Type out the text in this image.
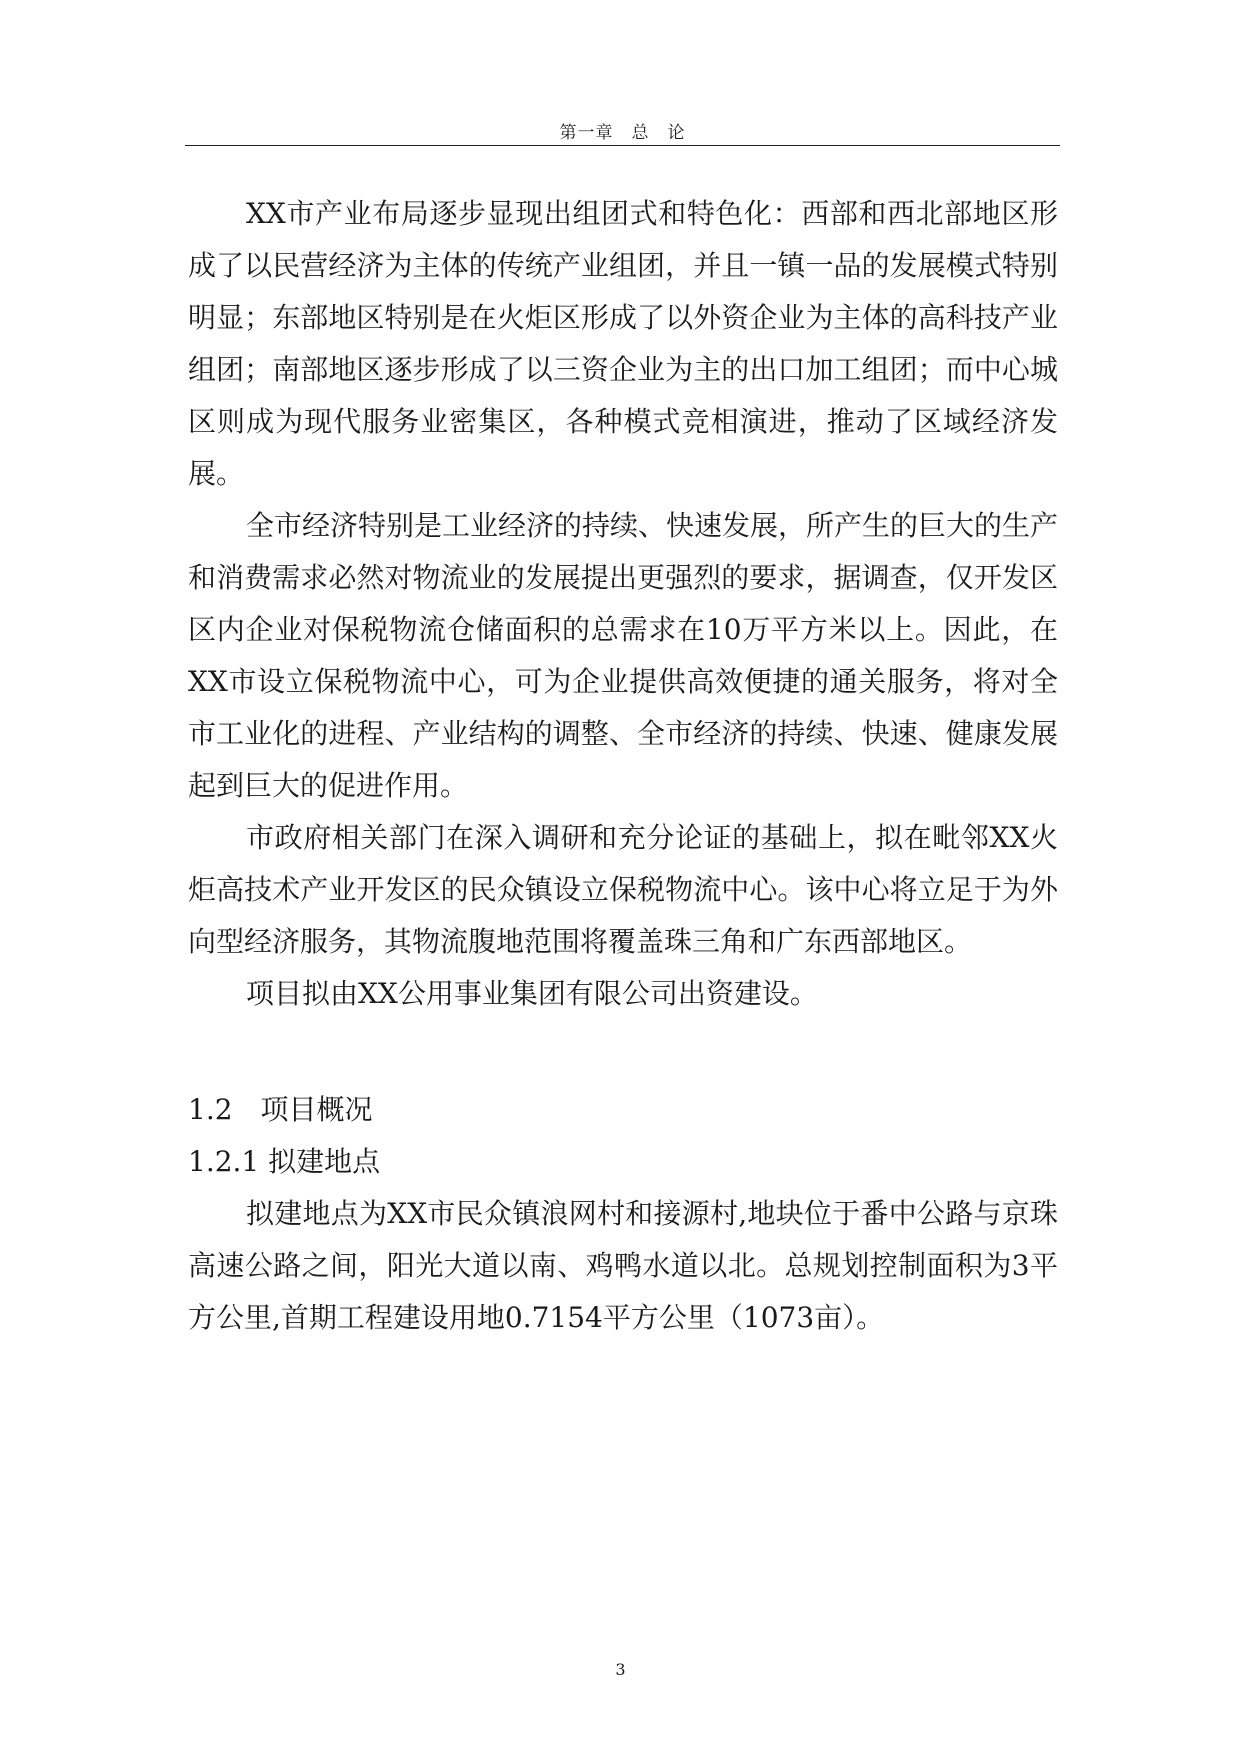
第一章　总　论

XX市产业布局逐步显现出组团式和特色化：西部和西北部地区形成了以民营经济为主体的传统产业组团，并且一镇一品的发展模式特别明显；东部地区特别是在火炬区形成了以外资企业为主体的高科技产业组团；南部地区逐步形成了以三资企业为主的出口加工组团；而中心城区则成为现代服务业密集区，各种模式竞相演进，推动了区域经济发展。

全市经济特别是工业经济的持续、快速发展，所产生的巨大的生产和消费需求必然对物流业的发展提出更强烈的要求，据调查，仅开发区区内企业对保税物流仓储面积的总需求在10万平方米以上。因此，在XX市设立保税物流中心，可为企业提供高效便捷的通关服务，将对全市工业化的进程、产业结构的调整、全市经济的持续、快速、健康发展起到巨大的促进作用。

市政府相关部门在深入调研和充分论证的基础上，拟在毗邻XX火炬高技术产业开发区的民众镇设立保税物流中心。该中心将立足于为外向型经济服务，其物流腹地范围将覆盖珠三角和广东西部地区。

项目拟由XX公用事业集团有限公司出资建设。

1.2　项目概况

1.2.1 拟建地点

拟建地点为XX市民众镇浪网村和接源村,地块位于番中公路与京珠高速公路之间，阳光大道以南、鸡鸭水道以北。总规划控制面积为3平方公里,首期工程建设用地0.7154平方公里（1073亩）。

3
